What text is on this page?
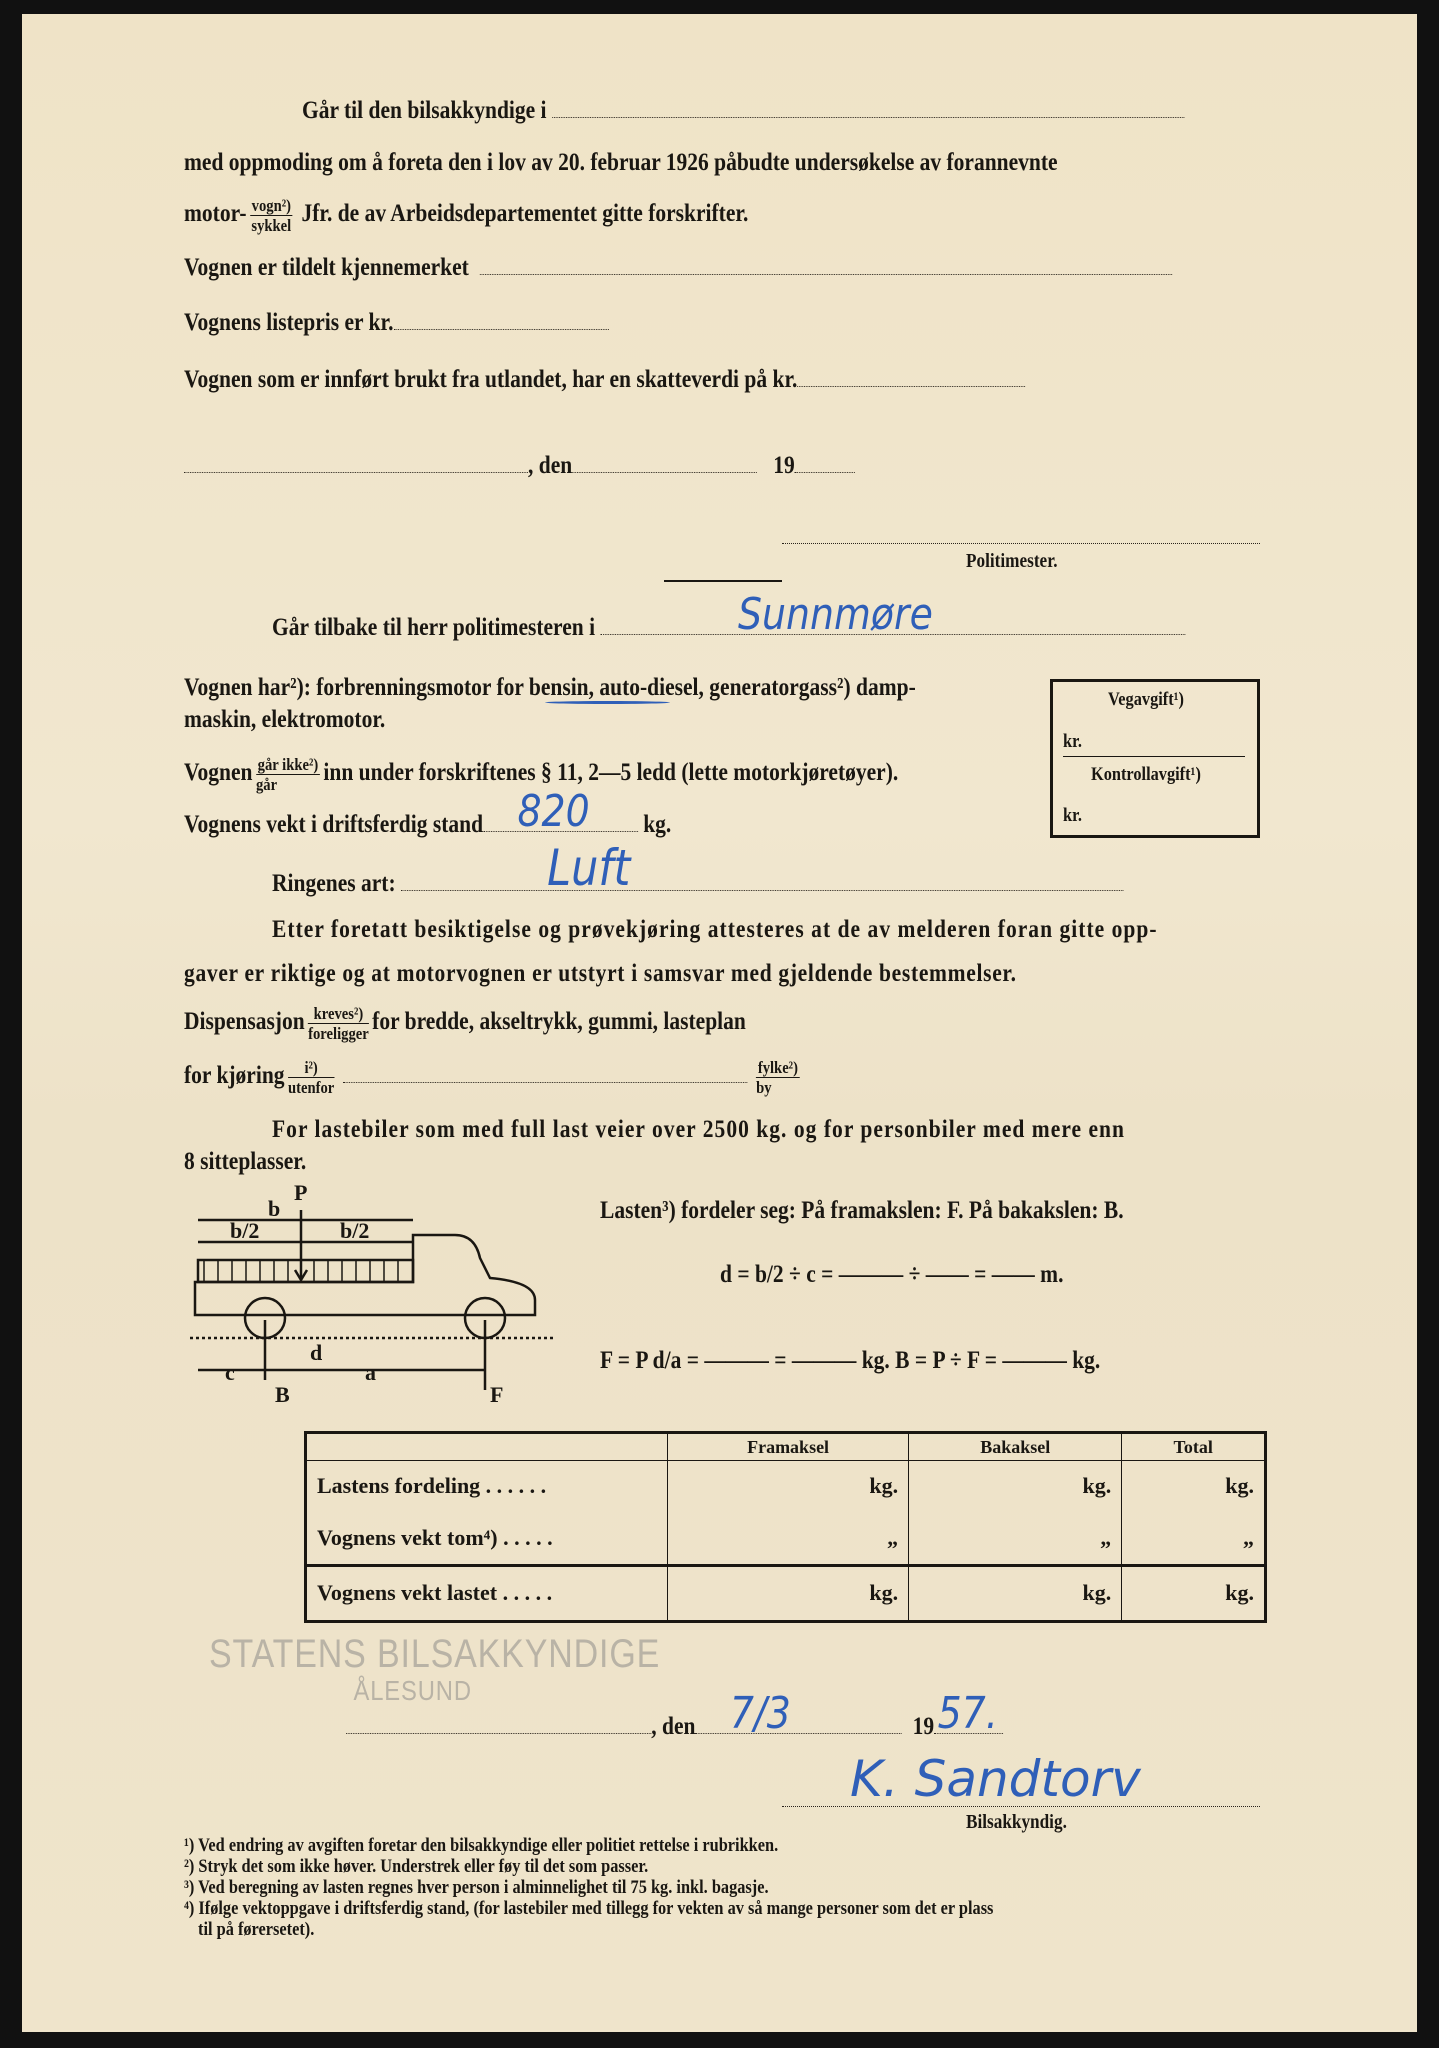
Går til den bilsakkyndige i
med oppmoding om å foreta den i lov av 20. februar 1926 påbudte undersøkelse av forannevnte
motor- $\frac{\text{vogn²)}}{\text{sykkel}}$ Jfr. de av Arbeidsdepartementet gitte forskrifter.
Vognen er tildelt kjennemerket
Vognens listepris er kr.
Vognen som er innført brukt fra utlandet, har en skatteverdi på kr.
, den	19
Politimester.
Går tilbake til herr politimesteren i	Sunnmøre
Vognen har²): forbrenningsmotor for bensin, auto-diesel, generatorgass²) damp-
maskin, elektromotor.
Vognen $\frac{\text{går ikke²)}}{\text{går}}$ inn under forskriftenes § 11, 2—5 ledd (lette motorkjøretøyer).
Vognens vekt i driftsferdig stand 820 kg.
Ringenes art:	Luft
Etter foretatt besiktigelse og prøvekjøring attesteres at de av melderen foran gitte opp-
gaver er riktige og at motorvognen er utstyrt i samsvar med gjeldende bestemmelser.
Dispensasjon $\frac{\text{kreves²)}}{\text{foreligger}}$ for bredde, akseltrykk, gummi, lasteplan
for kjøring $\frac{\text{i²)}}{\text{utenfor}}$
	$\frac{\text{fylke²)}}{by}$
For lastebiler som med full last veier over 2500 kg. og for personbiler med mere enn
8 sitteplasser.
Vegavgift¹)
kr.
Kontrollavgift¹)
kr.
P
b
b/2	b/2
d
c	a
B	F
Lasten³) fordeler seg: På framakslen: F. På bakakslen: B.
d = b/2 ÷ c = ——— ÷ —— = —— m.
F = P d/a = ——— = ——— kg. B = P ÷ F = ——— kg.
	Framaksel	Bakaksel	Total
Lastens fordeling . . . . . .	kg.	kg.	kg.
Vognens vekt tom⁴) . . . . .	„	„	„
Vognens vekt lastet . . . . .	kg.	kg.	kg.
STATENS BILSAKKYNDIGE
ÅLESUND
, den 7/3	19 57.
K. Sandtorv
Bilsakkyndig.
¹) Ved endring av avgiften foretar den bilsakkyndige eller politiet rettelse i rubrikken.
²) Stryk det som ikke høver. Understrek eller føy til det som passer.
³) Ved beregning av lasten regnes hver person i alminnelighet til 75 kg. inkl. bagasje.
⁴) Ifølge vektoppgave i driftsferdig stand, (for lastebiler med tillegg for vekten av så mange personer som det er plass
til på førersetet).
